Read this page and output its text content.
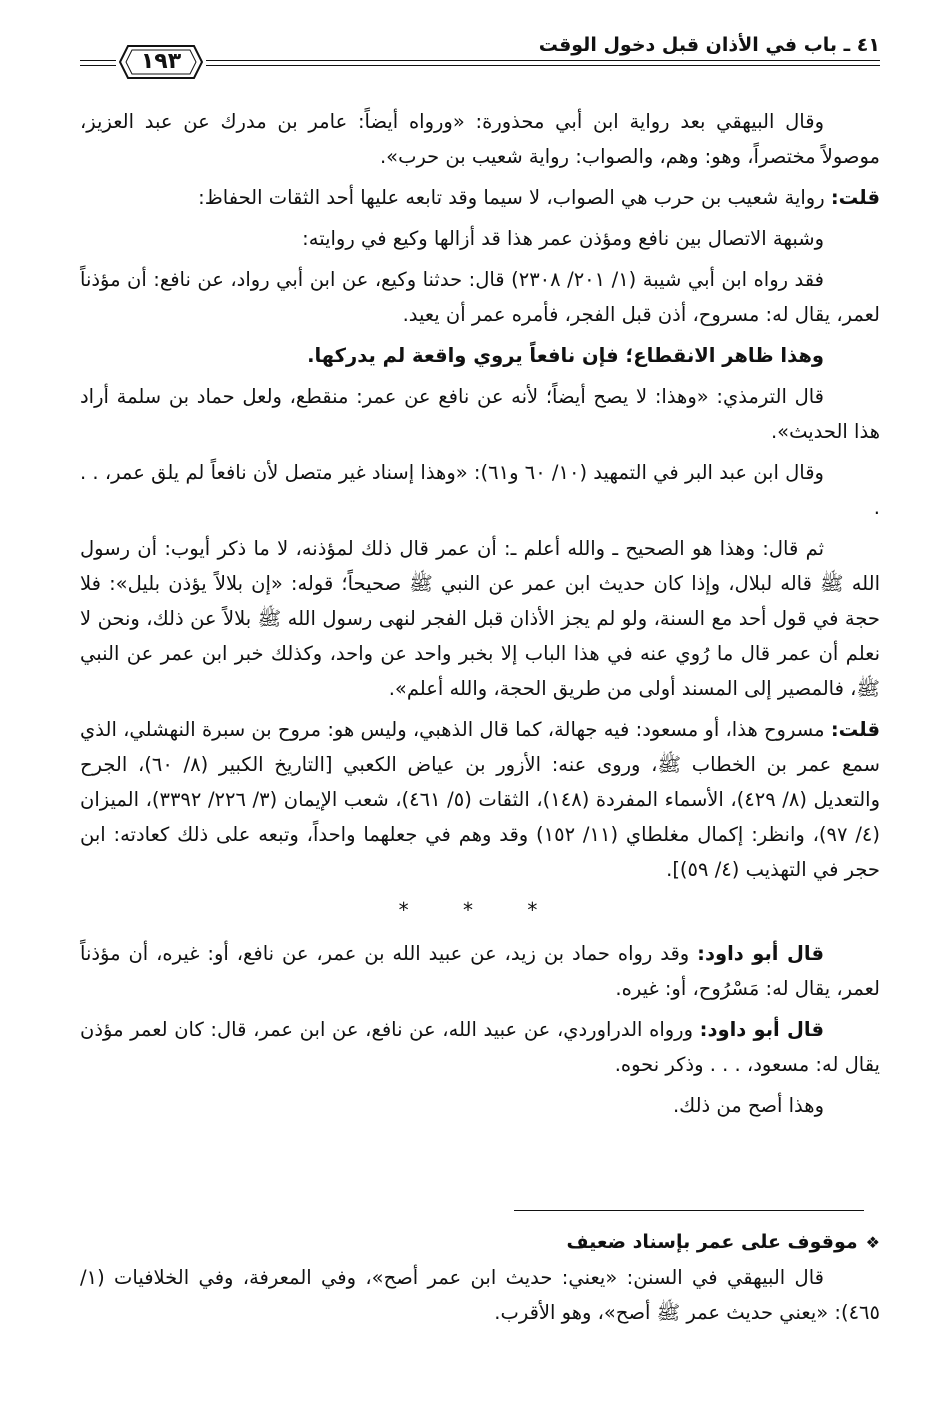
١٩٣
٤١ ـ باب في الأذان قبل دخول الوقت

وقال البيهقي بعد رواية ابن أبي محذورة: «ورواه أيضاً: عامر بن مدرك عن عبد العزيز، موصولاً مختصراً، وهو: وهم، والصواب: رواية شعيب بن حرب».

قلت: رواية شعيب بن حرب هي الصواب، لا سيما وقد تابعه عليها أحد الثقات الحفاظ:

وشبهة الاتصال بين نافع ومؤذن عمر هذا قد أزالها وكيع في روايته:

فقد رواه ابن أبي شيبة (١/ ٢٠١/ ٢٣٠٨) قال: حدثنا وكيع، عن ابن أبي رواد، عن نافع: أن مؤذناً لعمر، يقال له: مسروح، أذن قبل الفجر، فأمره عمر أن يعيد.

وهذا ظاهر الانقطاع؛ فإن نافعاً يروي واقعة لم يدركها.

قال الترمذي: «وهذا: لا يصح أيضاً؛ لأنه عن نافع عن عمر: منقطع، ولعل حماد بن سلمة أراد هذا الحديث».

وقال ابن عبد البر في التمهيد (١٠/ ٦٠ و٦١): «وهذا إسناد غير متصل لأن نافعاً لم يلق عمر، . . .

ثم قال: وهذا هو الصحيح ـ والله أعلم ـ: أن عمر قال ذلك لمؤذنه، لا ما ذكر أيوب: أن رسول الله ﷺ قاله لبلال، وإذا كان حديث ابن عمر عن النبي ﷺ صحيحاً؛ قوله: «إن بلالاً يؤذن بليل»: فلا حجة في قول أحد مع السنة، ولو لم يجز الأذان قبل الفجر لنهى رسول الله ﷺ بلالاً عن ذلك، ونحن لا نعلم أن عمر قال ما رُوي عنه في هذا الباب إلا بخبر واحد عن واحد، وكذلك خبر ابن عمر عن النبي ﷺ، فالمصير إلى المسند أولى من طريق الحجة، والله أعلم».

قلت: مسروح هذا، أو مسعود: فيه جهالة، كما قال الذهبي، وليس هو: مروح بن سبرة النهشلي، الذي سمع عمر بن الخطاب ﷺ، وروى عنه: الأزور بن عياض الكعبي [التاريخ الكبير (٨/ ٦٠)، الجرح والتعديل (٨/ ٤٢٩)، الأسماء المفردة (١٤٨)، الثقات (٥/ ٤٦١)، شعب الإيمان (٣/ ٢٢٦/ ٣٣٩٢)، الميزان (٤/ ٩٧)، وانظر: إكمال مغلطاي (١١/ ١٥٢) وقد وهم في جعلهما واحداً، وتبعه على ذلك كعادته: ابن حجر في التهذيب (٤/ ٥٩)].

* * *

قال أبو داود: وقد رواه حماد بن زيد، عن عبيد الله بن عمر، عن نافع، أو: غيره، أن مؤذناً لعمر، يقال له: مَسْرُوح، أو: غيره.

قال أبو داود: ورواه الدراوردي، عن عبيد الله، عن نافع، عن ابن عمر، قال: كان لعمر مؤذن يقال له: مسعود، . . . وذكر نحوه.

وهذا أصح من ذلك.

❖موقوف على عمر بإسناد ضعيف

قال البيهقي في السنن: «يعني: حديث ابن عمر أصح»، وفي المعرفة، وفي الخلافيات (١/ ٤٦٥): «يعني حديث عمر ﷺ أصح»، وهو الأقرب.
